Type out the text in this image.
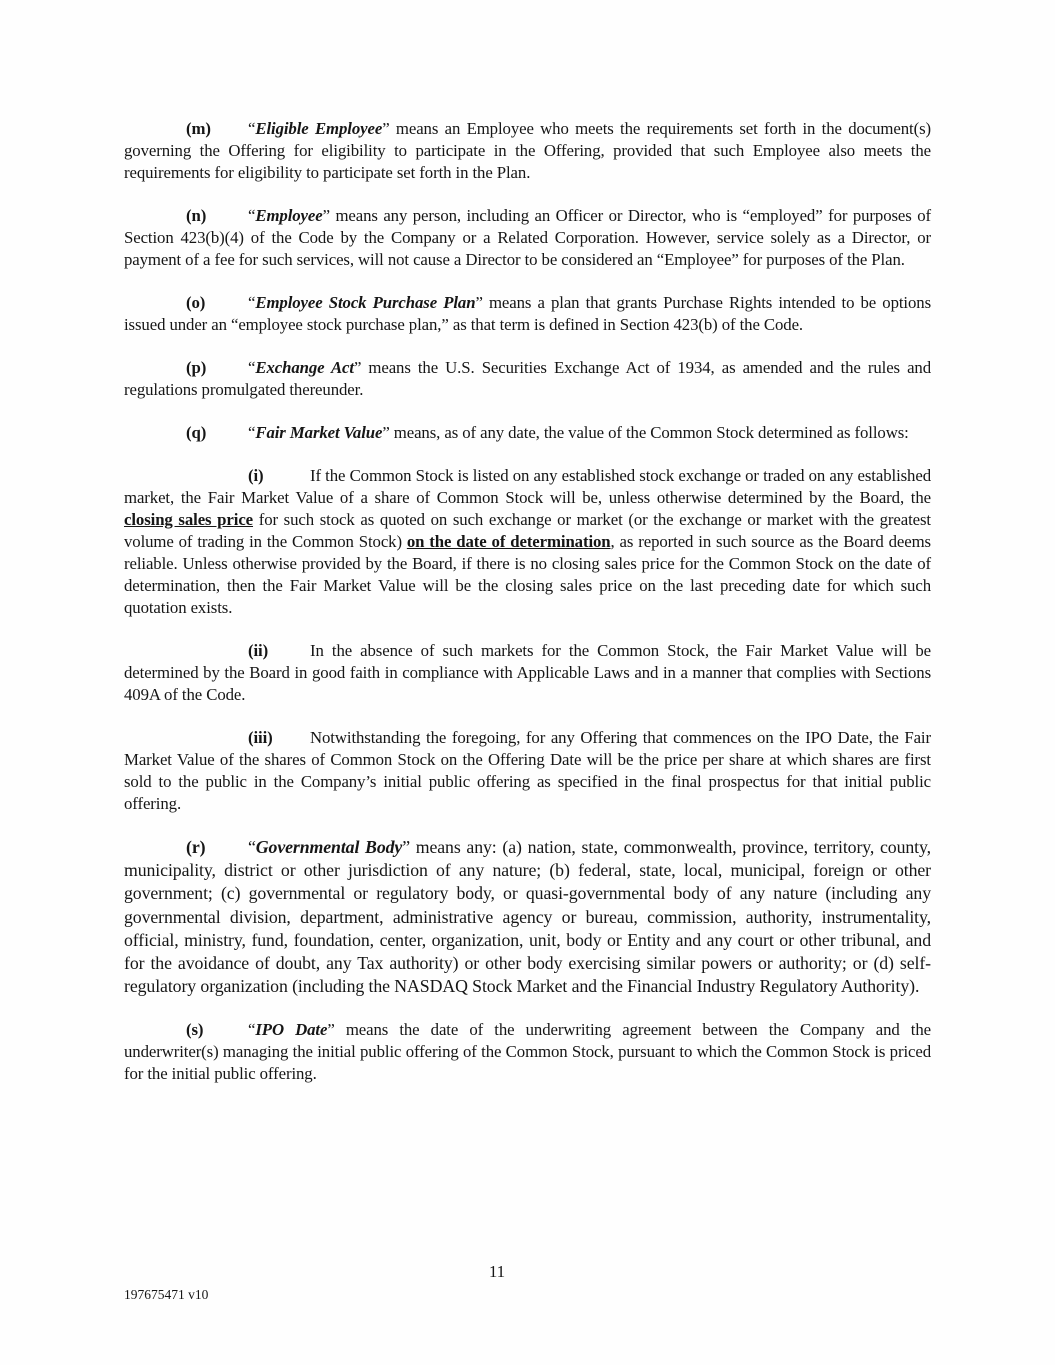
(m) “Eligible Employee” means an Employee who meets the requirements set forth in the document(s) governing the Offering for eligibility to participate in the Offering, provided that such Employee also meets the requirements for eligibility to participate set forth in the Plan.

(n) “Employee” means any person, including an Officer or Director, who is “employed” for purposes of Section 423(b)(4) of the Code by the Company or a Related Corporation. However, service solely as a Director, or payment of a fee for such services, will not cause a Director to be considered an “Employee” for purposes of the Plan.

(o)	“Employee Stock Purchase Plan” means a plan that grants Purchase Rights intended to be options issued under an “employee stock purchase plan,” as that term is defined in Section 423(b) of the Code.

(p) “Exchange Act” means the U.S. Securities Exchange Act of 1934, as amended and the rules and regulations promulgated thereunder.

(q) “Fair Market Value” means, as of any date, the value of the Common Stock determined as follows:

(i)	If the Common Stock is listed on any established stock exchange or traded on any established market, the Fair Market Value of a share of Common Stock will be, unless otherwise determined by the Board, the closing sales price for such stock as quoted on such exchange or market (or the exchange or market with the greatest volume of trading in the Common Stock) on the date of determination, as reported in such source as the Board deems reliable. Unless otherwise provided by the Board, if there is no closing sales price for the Common Stock on the date of determination, then the Fair Market Value will be the closing sales price on the last preceding date for which such quotation exists.

(ii) In the absence of such markets for the Common Stock, the Fair Market Value will be determined by the Board in good faith in compliance with Applicable Laws and in a manner that complies with Sections 409A of the Code.

(iii) Notwithstanding the foregoing, for any Offering that commences on the IPO Date, the Fair Market Value of the shares of Common Stock on the Offering Date will be the price per share at which shares are first sold to the public in the Company’s initial public offering as specified in the final prospectus for that initial public offering.

(r) “Governmental Body” means any: (a) nation, state, commonwealth, province, territory, county, municipality, district or other jurisdiction of any nature; (b) federal, state, local, municipal, foreign or other government; (c) governmental or regulatory body, or quasi-governmental body of any nature (including any governmental division, department, administrative agency or bureau, commission, authority, instrumentality, official, ministry, fund, foundation, center, organization, unit, body or Entity and any court or other tribunal, and for the avoidance of doubt, any Tax authority) or other body exercising similar powers or authority; or (d) self-regulatory organization (including the NASDAQ Stock Market and the Financial Industry Regulatory Authority).

(s)	“IPO Date” means the date of the underwriting agreement between the Company and the underwriter(s) managing the initial public offering of the Common Stock, pursuant to which the Common Stock is priced for the initial public offering.

11
197675471 v10
